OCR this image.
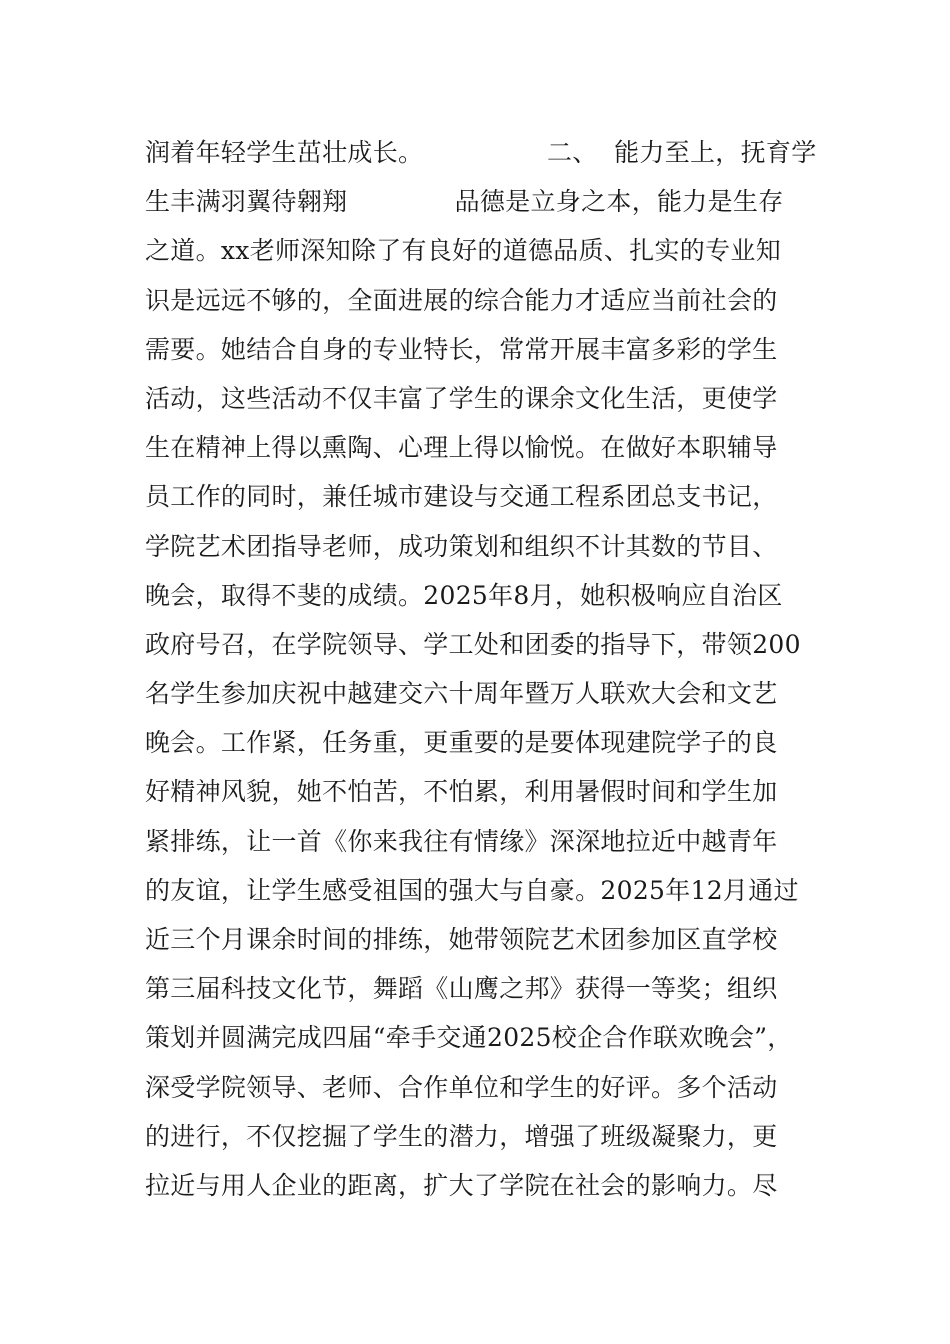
润着年轻学生茁壮成长。               二、  能力至上，抚育学
生丰满羽翼待翱翔             品德是立身之本，能力是生存
之道。xx老师深知除了有良好的道德品质、扎实的专业知
识是远远不够的，全面进展的综合能力才适应当前社会的
需要。她结合自身的专业特长，常常开展丰富多彩的学生
活动，这些活动不仅丰富了学生的课余文化生活，更使学
生在精神上得以熏陶、心理上得以愉悦。在做好本职辅导
员工作的同时，兼任城市建设与交通工程系团总支书记，
学院艺术团指导老师，成功策划和组织不计其数的节目、
晚会，取得不斐的成绩。2025年8月，她积极响应自治区
政府号召，在学院领导、学工处和团委的指导下，带领200
名学生参加庆祝中越建交六十周年暨万人联欢大会和文艺
晚会。工作紧，任务重，更重要的是要体现建院学子的良
好精神风貌，她不怕苦，不怕累，利用暑假时间和学生加
紧排练，让一首《你来我往有情缘》深深地拉近中越青年
的友谊，让学生感受祖国的强大与自豪。2025年12月通过
近三个月课余时间的排练，她带领院艺术团参加区直学校
第三届科技文化节，舞蹈《山鹰之邦》获得一等奖；组织
策划并圆满完成四届“牵手交通2025校企合作联欢晚会”，
深受学院领导、老师、合作单位和学生的好评。多个活动
的进行，不仅挖掘了学生的潜力，增强了班级凝聚力，更
拉近与用人企业的距离，扩大了学院在社会的影响力。尽
